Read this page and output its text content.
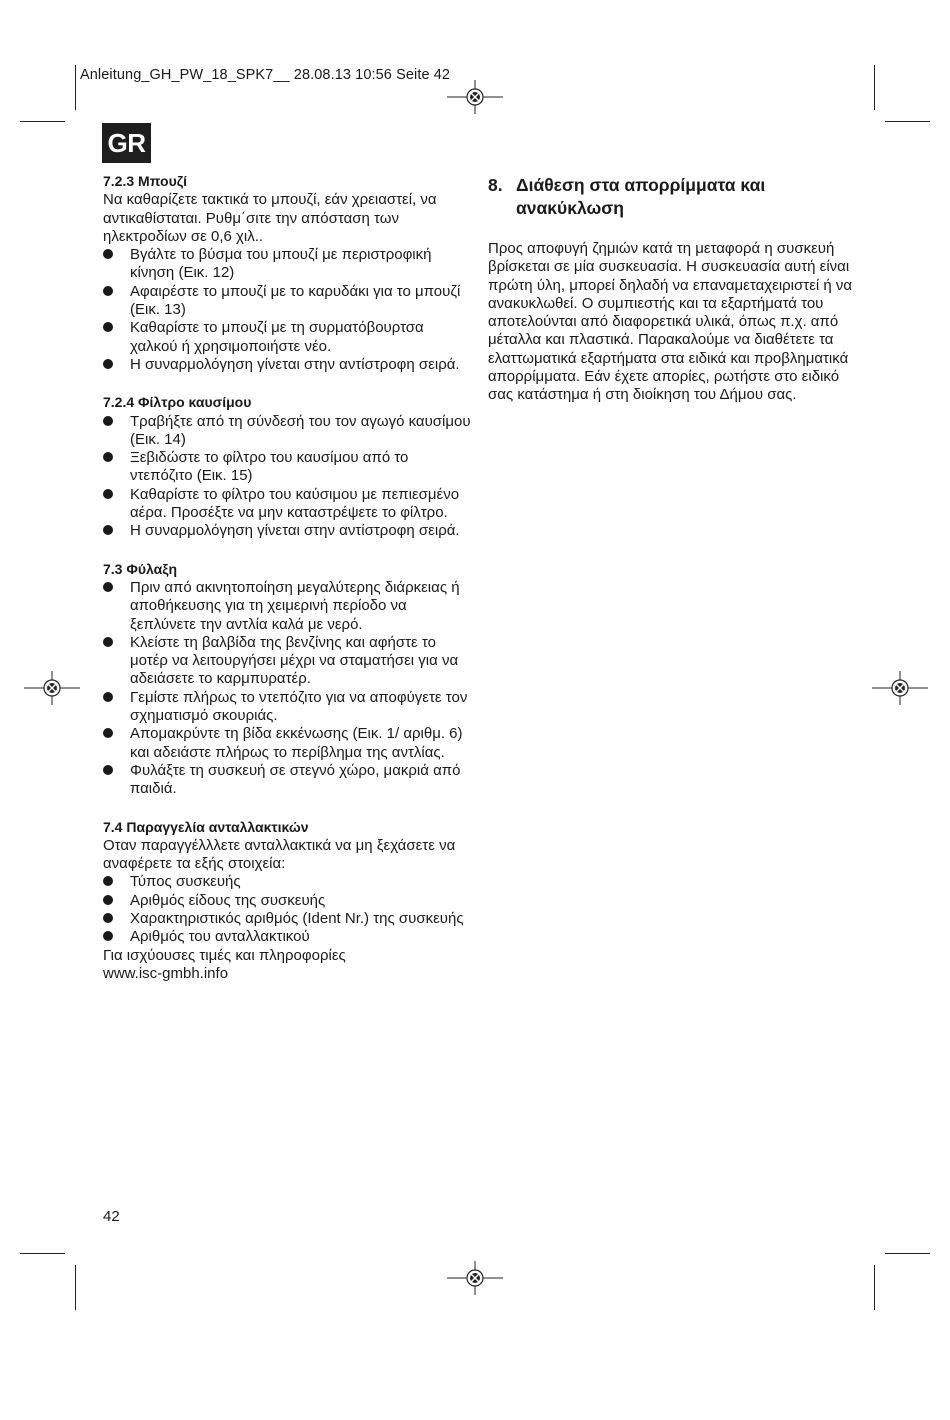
Anleitung_GH_PW_18_SPK7__ 28.08.13 10:56 Seite 42
GR
7.2.3 Μπουζί

Να καθαρίζετε τακτικά το μπουζί, εάν χρειαστεί, να αντικαθίσταται. Ρυθμ΄σιτε την απόσταση των ηλεκτροδίων σε 0,6 χιλ..

Βγάλτε το βύσμα του μπουζί με περιστροφική κίνηση (Εικ. 12)
Αφαιρέστε το μπουζί με το καρυδάκι για το μπουζί (Εικ. 13)
Καθαρίστε το μπουζί με τη συρματόβουρτσα χαλκού ή χρησιμοποιήστε νέο.
Η συναρμολόγηση γίνεται στην αντίστροφη σειρά.
7.2.4 Φίλτρο καυσίμου
Τραβήξτε από τη σύνδεσή του τον αγωγό καυσίμου (Εικ. 14)
Ξεβιδώστε το φίλτρο του καυσίμου από το ντεπόζιτο (Εικ. 15)
Καθαρίστε το φίλτρο του καύσιμου με πεπιεσμένο αέρα. Προσέξτε να μην καταστρέψετε το φίλτρο.
Η συναρμολόγηση γίνεται στην αντίστροφη σειρά.
7.3 Φύλαξη
Πριν από ακινητοποίηση μεγαλύτερης διάρκειας ή αποθήκευσης για τη χειμερινή περίοδο να ξεπλύνετε την αντλία καλά με νερό.
Κλείστε τη βαλβίδα της βενζίνης και αφήστε το μοτέρ να λειτουργήσει μέχρι να σταματήσει για να αδειάσετε το καρμπυρατέρ.
Γεμίστε πλήρως το ντεπόζιτο για να αποφύγετε τον σχηματισμό σκουριάς.
Απομακρύντε τη βίδα εκκένωσης (Εικ. 1/ αριθμ. 6) και αδειάστε πλήρως το περίβλημα της αντλίας.
Φυλάξτε τη συσκευή σε στεγνό χώρο, μακριά από παιδιά.
7.4 Παραγγελία ανταλλακτικών

Οταν παραγγέλλλετε ανταλλακτικά να μη ξεχάσετε να αναφέρετε τα εξής στοιχεία:

Τύπος συσκευής
Αριθμός είδους της συσκευής
Χαρακτηριστικός αριθμός (Ident Nr.) της συσκευής
Αριθμός του ανταλλακτικού

Για ισχύουσες τιμές και πληροφορίες

www.isc-gmbh.info

8. Διάθεση στα απορρίμματα και
ανακύκλωση

Προς αποφυγή ζημιών κατά τη μεταφορά η συσκευή βρίσκεται σε μία συσκευασία. Η συσκευασία αυτή είναι πρώτη ύλη, μπορεί δηλαδή να επαναμεταχειριστεί ή να ανακυκλωθεί. Ο συμπιεστής και τα εξαρτήματά του αποτελούνται από διαφορετικά υλικά, όπως π.χ. από μέταλλα και πλαστικά. Παρακαλούμε να διαθέτετε τα ελαττωματικά εξαρτήματα στα ειδικά και προβληματικά απορρίμματα. Εάν έχετε απορίες, ρωτήστε στο ειδικό σας κατάστημα ή στη διοίκηση του Δήμου σας.

42
